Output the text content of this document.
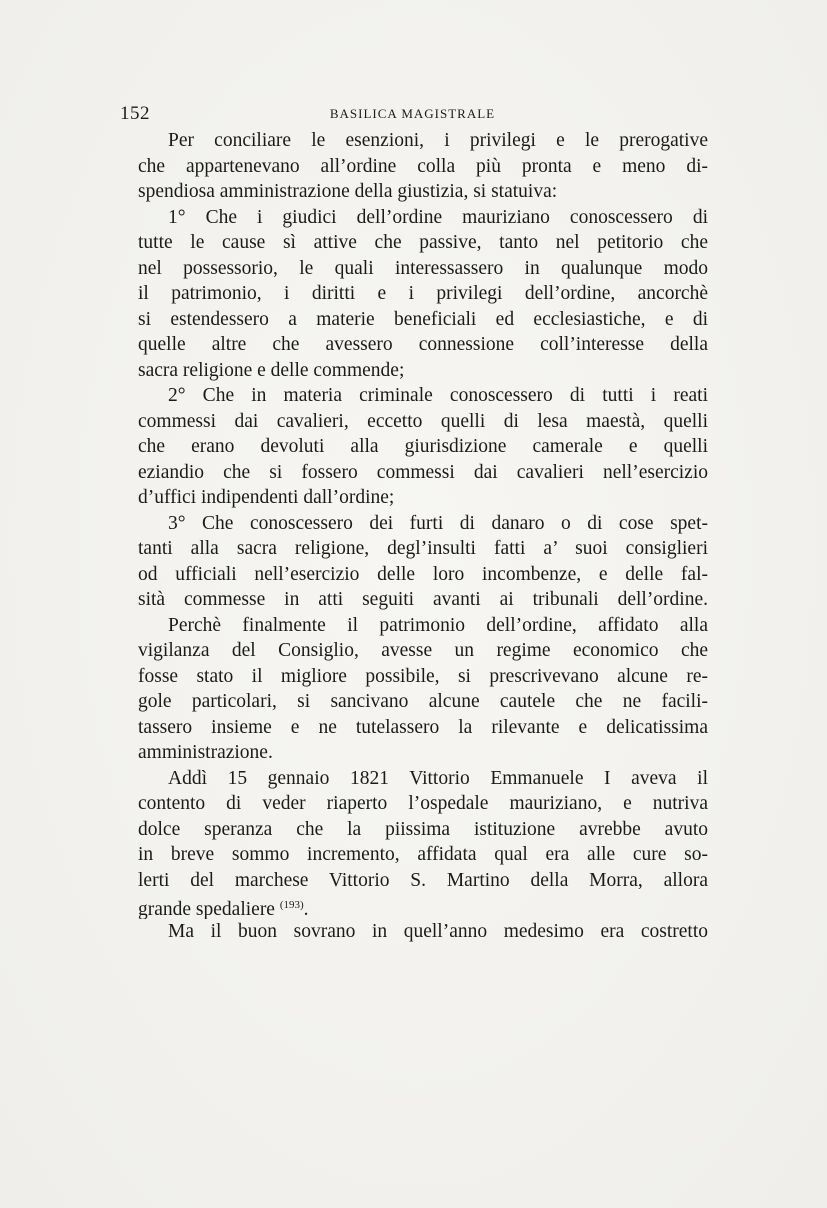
152	BASILICA MAGISTRALE
Per conciliare le esenzioni, i privilegi e le prerogative
che appartenevano all’ordine colla più pronta e meno di-
spendiosa amministrazione della giustizia, si statuiva:
1° Che i giudici dell’ordine mauriziano conoscessero di
tutte le cause sì attive che passive, tanto nel petitorio che
nel possessorio, le quali interessassero in qualunque modo
il patrimonio, i diritti e i privilegi dell’ordine, ancorchè
si estendessero a materie beneficiali ed ecclesiastiche, e di
quelle altre che avessero connessione coll’interesse della
sacra religione e delle commende;
2° Che in materia criminale conoscessero di tutti i reati
commessi dai cavalieri, eccetto quelli di lesa maestà, quelli
che erano devoluti alla giurisdizione camerale e quelli
eziandio che si fossero commessi dai cavalieri nell’esercizio
d’uffici indipendenti dall’ordine;
3° Che conoscessero dei furti di danaro o di cose spet-
tanti alla sacra religione, degl’insulti fatti a’ suoi consiglieri
od ufficiali nell’esercizio delle loro incombenze, e delle fal-
sità commesse in atti seguiti avanti ai tribunali dell’ordine.
Perchè finalmente il patrimonio dell’ordine, affidato alla
vigilanza del Consiglio, avesse un regime economico che
fosse stato il migliore possibile, si prescrivevano alcune re-
gole particolari, si sancivano alcune cautele che ne facili-
tassero insieme e ne tutelassero la rilevante e delicatissima
amministrazione.
Addì 15 gennaio 1821 Vittorio Emmanuele I aveva il
contento di veder riaperto l’ospedale mauriziano, e nutriva
dolce speranza che la piissima istituzione avrebbe avuto
in breve sommo incremento, affidata qual era alle cure so-
lerti del marchese Vittorio S. Martino della Morra, allora
grande spedaliere $^{(193)}$.
Ma il buon sovrano in quell’anno medesimo era costretto
